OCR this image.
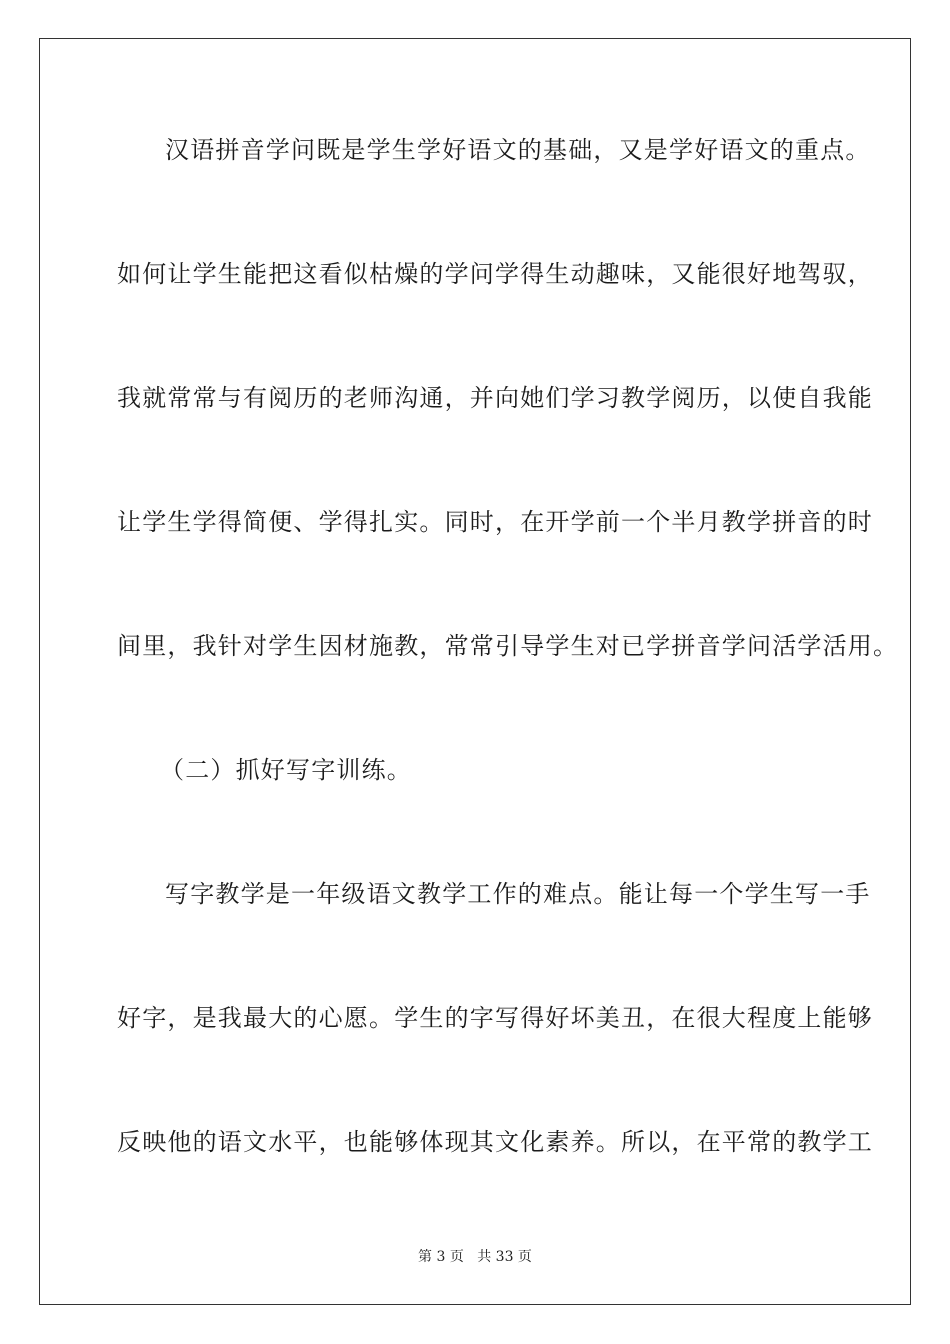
汉语拼音学问既是学生学好语文的基础，又是学好语文的重点。
如何让学生能把这看似枯燥的学问学得生动趣味，又能很好地驾驭，
我就常常与有阅历的老师沟通，并向她们学习教学阅历，以使自我能
让学生学得简便、学得扎实。同时，在开学前一个半月教学拼音的时
间里，我针对学生因材施教，常常引导学生对已学拼音学问活学活用。
（二）抓好写字训练。
写字教学是一年级语文教学工作的难点。能让每一个学生写一手
好字，是我最大的心愿。学生的字写得好坏美丑，在很大程度上能够
反映他的语文水平，也能够体现其文化素养。所以，在平常的教学工
第 3 页 共 33 页
